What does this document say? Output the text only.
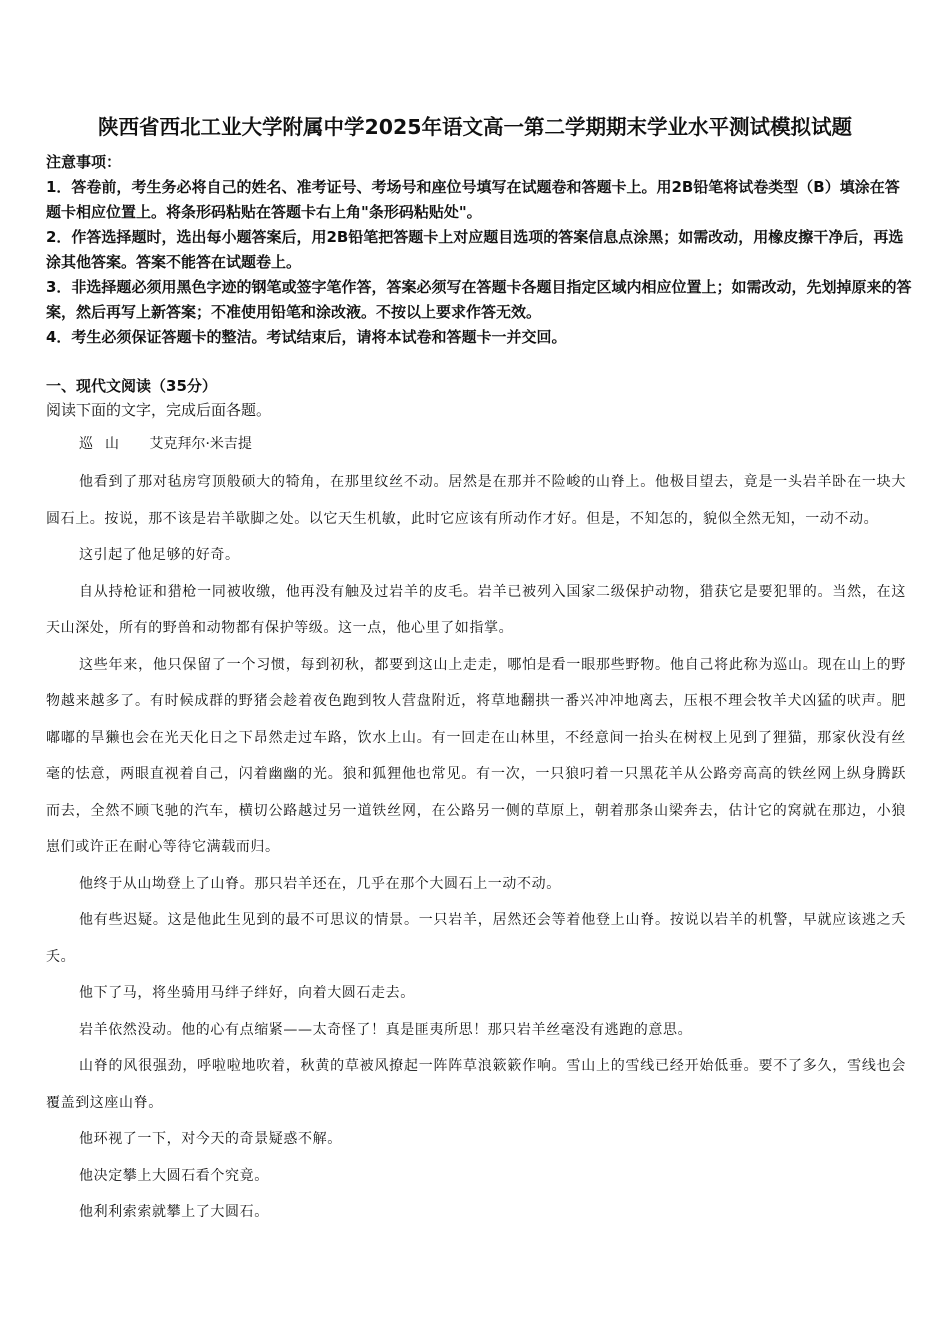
陕西省西北工业大学附属中学2025年语文高一第二学期期末学业水平测试模拟试题
注意事项：
1．答卷前，考生务必将自己的姓名、准考证号、考场号和座位号填写在试题卷和答题卡上。用2B铅笔将试卷类型（B）填涂在答题卡相应位置上。将条形码粘贴在答题卡右上角"条形码粘贴处"。
2．作答选择题时，选出每小题答案后，用2B铅笔把答题卡上对应题目选项的答案信息点涂黑；如需改动，用橡皮擦干净后，再选涂其他答案。答案不能答在试题卷上。
3．非选择题必须用黑色字迹的钢笔或签字笔作答，答案必须写在答题卡各题目指定区域内相应位置上；如需改动，先划掉原来的答案，然后再写上新答案；不准使用铅笔和涂改液。不按以上要求作答无效。
4．考生必须保证答题卡的整洁。考试结束后，请将本试卷和答题卡一并交回。
一、现代文阅读（35分）
阅读下面的文字，完成后面各题。
巡山 艾克拜尔·米吉提

他看到了那对毡房穹顶般硕大的犄角，在那里纹丝不动。居然是在那并不险峻的山脊上。他极目望去，竟是一头岩羊卧在一块大圆石上。按说，那不该是岩羊歇脚之处。以它天生机敏，此时它应该有所动作才好。但是，不知怎的，貌似全然无知，一动不动。

这引起了他足够的好奇。

自从持枪证和猎枪一同被收缴，他再没有触及过岩羊的皮毛。岩羊已被列入国家二级保护动物，猎获它是要犯罪的。当然，在这天山深处，所有的野兽和动物都有保护等级。这一点，他心里了如指掌。

这些年来，他只保留了一个习惯，每到初秋，都要到这山上走走，哪怕是看一眼那些野物。他自己将此称为巡山。现在山上的野物越来越多了。有时候成群的野猪会趁着夜色跑到牧人营盘附近，将草地翻拱一番兴冲冲地离去，压根不理会牧羊犬凶猛的吠声。肥嘟嘟的旱獭也会在光天化日之下昂然走过车路，饮水上山。有一回走在山林里，不经意间一抬头在树杈上见到了狸猫，那家伙没有丝毫的怯意，两眼直视着自己，闪着幽幽的光。狼和狐狸他也常见。有一次，一只狼叼着一只黑花羊从公路旁高高的铁丝网上纵身腾跃而去，全然不顾飞驰的汽车，横切公路越过另一道铁丝网，在公路另一侧的草原上，朝着那条山梁奔去，估计它的窝就在那边，小狼崽们或许正在耐心等待它满载而归。

他终于从山坳登上了山脊。那只岩羊还在，几乎在那个大圆石上一动不动。

他有些迟疑。这是他此生见到的最不可思议的情景。一只岩羊，居然还会等着他登上山脊。按说以岩羊的机警，早就应该逃之夭夭。

他下了马，将坐骑用马绊子绊好，向着大圆石走去。

岩羊依然没动。他的心有点缩紧——太奇怪了！真是匪夷所思！那只岩羊丝毫没有逃跑的意思。

山脊的风很强劲，呼啦啦地吹着，秋黄的草被风撩起一阵阵草浪簌簌作响。雪山上的雪线已经开始低垂。要不了多久，雪线也会覆盖到这座山脊。

他环视了一下，对今天的奇景疑惑不解。

他决定攀上大圆石看个究竟。

他利利索索就攀上了大圆石。
